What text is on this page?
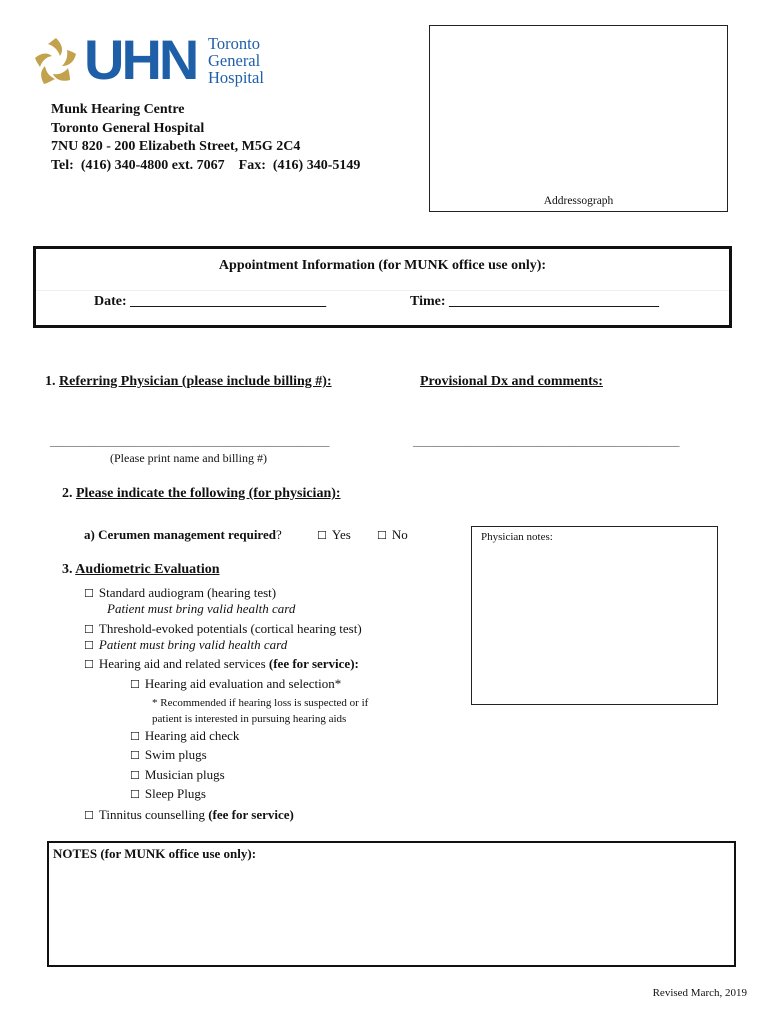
UHN Toronto
General
Hospital
Munk Hearing Centre
Toronto General Hospital
7NU 820 - 200 Elizabeth Street, M5G 2C4
Tel:  (416) 340-4800 ext. 7067    Fax:  (416) 340-5149
Addressograph
Appointment Information (for MUNK office use only):
Date: ____________________________	Time: ______________________________
1. Referring Physician (please include billing #):	Provisional Dx and comments:
___________________________________________	_________________________________________
(Please print name and billing #)
2. Please indicate the following (for physician):
a) Cerumen management required?	☐ Yes ☐ No	Physician notes:
3. Audiometric Evaluation
☐ Standard audiogram (hearing test)
Patient must bring valid health card
☐ Threshold-evoked potentials (cortical hearing test)
☐ Patient must bring valid health card
☐ Hearing aid and related services (fee for service):
☐ Hearing aid evaluation and selection*
* Recommended if hearing loss is suspected or if
patient is interested in pursuing hearing aids
☐ Hearing aid check
☐ Swim plugs
☐ Musician plugs
☐ Sleep Plugs
☐ Tinnitus counselling (fee for service)
NOTES (for MUNK office use only):
Revised March, 2019
